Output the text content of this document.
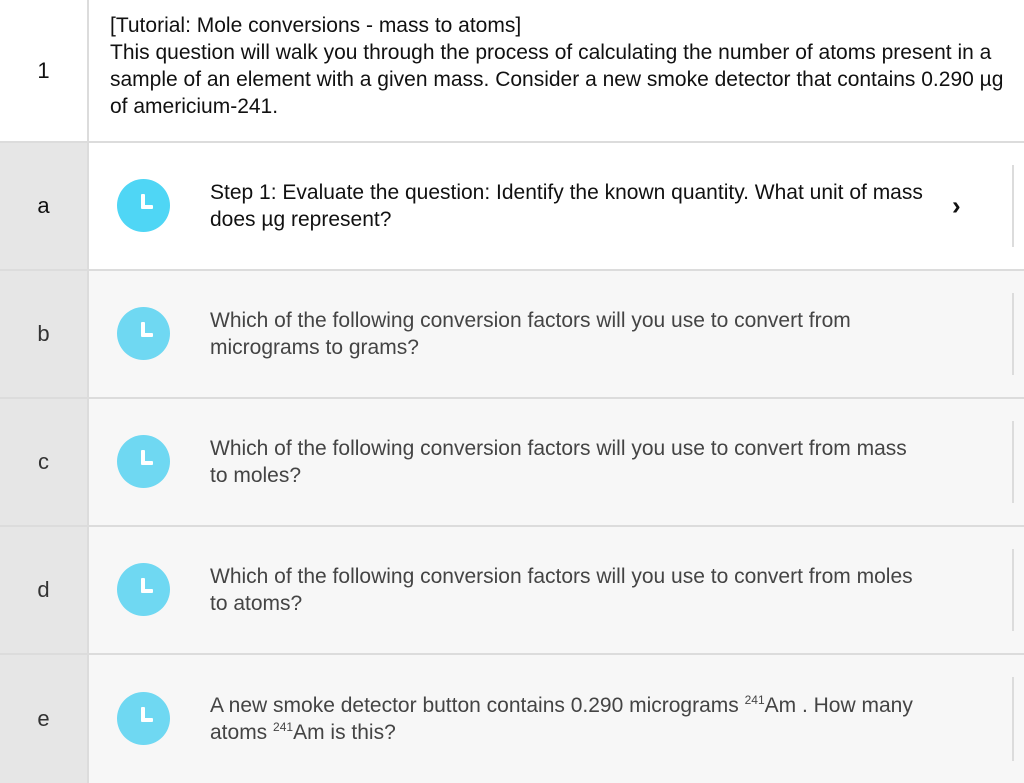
1
[Tutorial: Mole conversions - mass to atoms]
This question will walk you through the process of calculating the number of atoms present in a sample of an element with a given mass. Consider a new smoke detector that contains 0.290 µg of americium-241.
a
Step 1: Evaluate the question: Identify the known quantity. What unit of mass does µg represent?	›
b
Which of the following conversion factors will you use to convert from micrograms to grams?
c
Which of the following conversion factors will you use to convert from mass to moles?
d
Which of the following conversion factors will you use to convert from moles to atoms?
e
A new smoke detector button contains 0.290 micrograms $^{241}$Am . How many atoms $^{241}$Am is this?
